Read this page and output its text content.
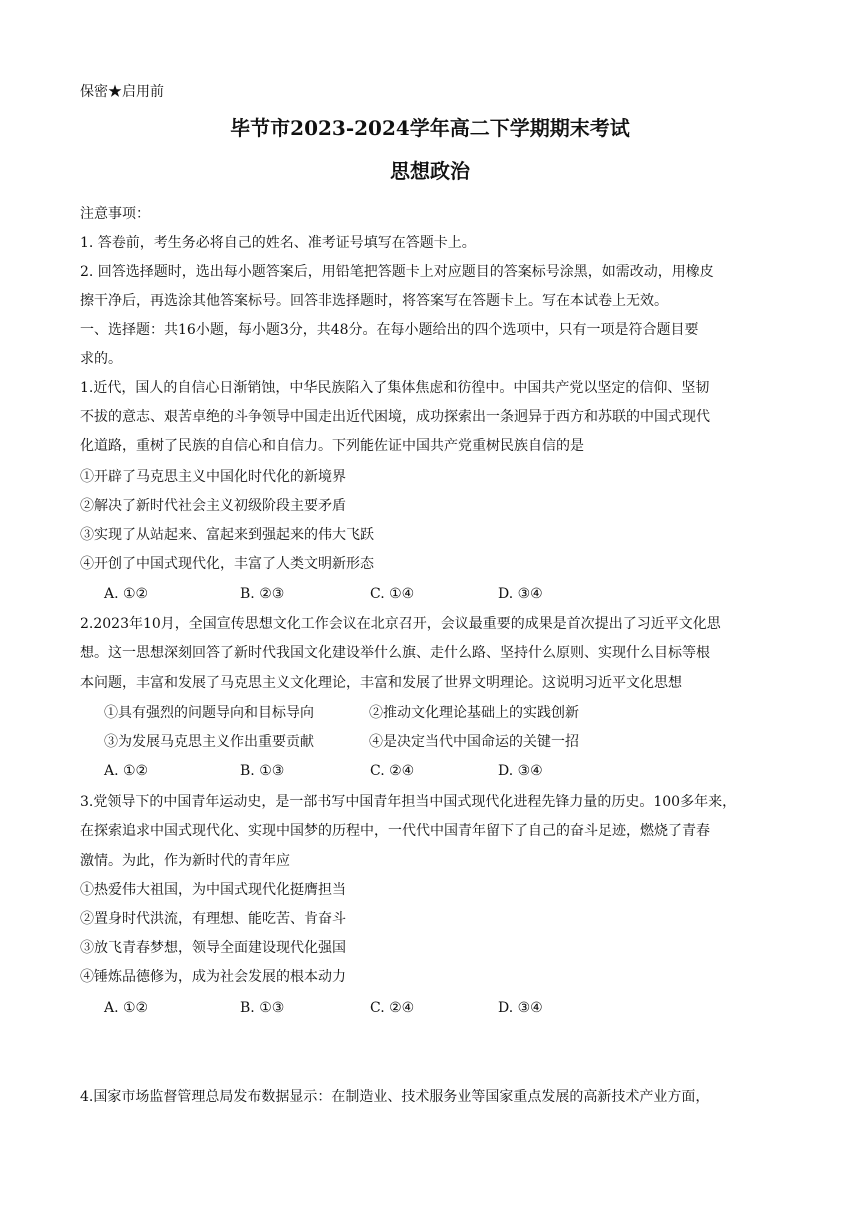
保密★启用前
毕节市2023-2024学年高二下学期期末考试
思想政治
注意事项：
1. 答卷前，考生务必将自己的姓名、准考证号填写在答题卡上。
2. 回答选择题时，选出每小题答案后，用铅笔把答题卡上对应题目的答案标号涂黑，如需改动，用橡皮
擦干净后，再选涂其他答案标号。回答非选择题时，将答案写在答题卡上。写在本试卷上无效。
一、选择题：共16小题，每小题3分，共48分。在每小题给出的四个选项中，只有一项是符合题目要
求的。
1.近代，国人的自信心日渐销蚀，中华民族陷入了集体焦虑和彷徨中。中国共产党以坚定的信仰、坚韧
不拔的意志、艰苦卓绝的斗争领导中国走出近代困境，成功探索出一条迥异于西方和苏联的中国式现代
化道路，重树了民族的自信心和自信力。下列能佐证中国共产党重树民族自信的是
①开辟了马克思主义中国化时代化的新境界
②解决了新时代社会主义初级阶段主要矛盾
③实现了从站起来、富起来到强起来的伟大飞跃
④开创了中国式现代化，丰富了人类文明新形态
A. ①②	B. ②③	C. ①④	D. ③④
2.2023年10月，全国宣传思想文化工作会议在北京召开，会议最重要的成果是首次提出了习近平文化思
想。这一思想深刻回答了新时代我国文化建设举什么旗、走什么路、坚持什么原则、实现什么目标等根
本问题，丰富和发展了马克思主义文化理论，丰富和发展了世界文明理论。这说明习近平文化思想
①具有强烈的问题导向和目标导向	②推动文化理论基础上的实践创新
③为发展马克思主义作出重要贡献	④是决定当代中国命运的关键一招
A. ①②	B. ①③	C. ②④	D. ③④
3.党领导下的中国青年运动史，是一部书写中国青年担当中国式现代化进程先锋力量的历史。100多年来，
在探索追求中国式现代化、实现中国梦的历程中，一代代中国青年留下了自己的奋斗足迹，燃烧了青春
激情。为此，作为新时代的青年应
①热爱伟大祖国，为中国式现代化挺膺担当
②置身时代洪流，有理想、能吃苦、肯奋斗
③放飞青春梦想，领导全面建设现代化强国
④锤炼品德修为，成为社会发展的根本动力
A. ①②	B. ①③	C. ②④	D. ③④
4.国家市场监督管理总局发布数据显示：在制造业、技术服务业等国家重点发展的高新技术产业方面，
